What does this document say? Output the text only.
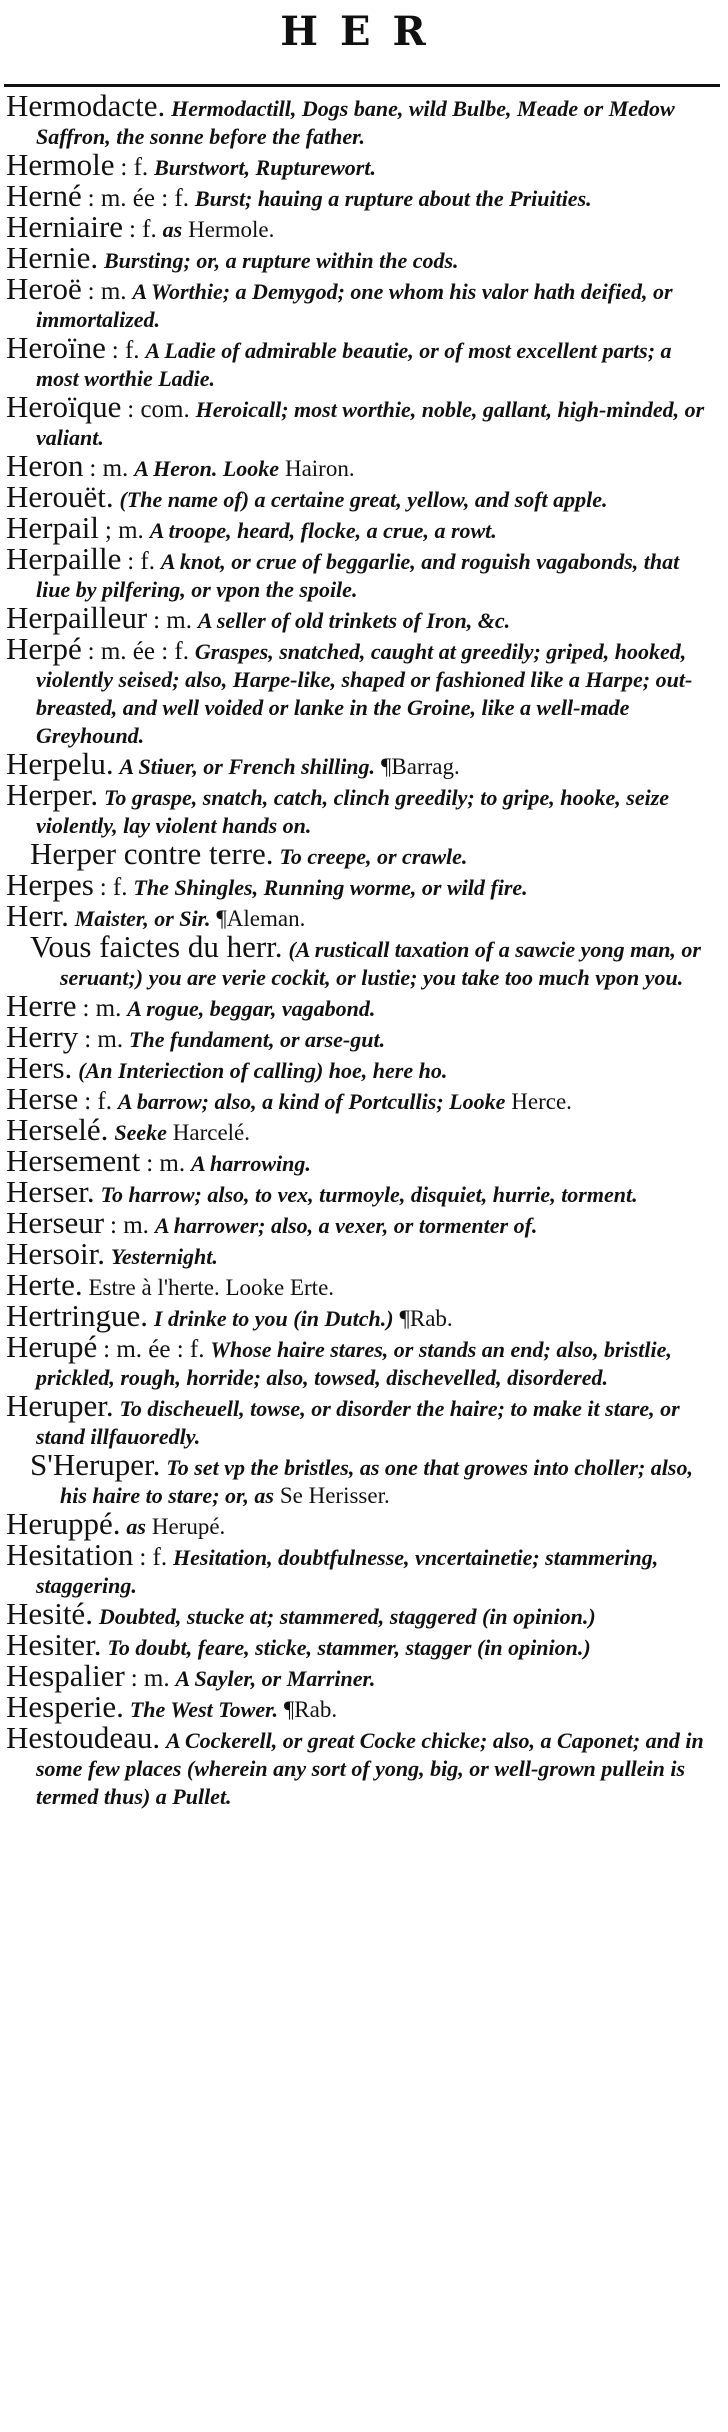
HER

Hermodacte. Hermodactill, Dogs bane, wild Bulbe, Meade or Medow Saffron, the sonne before the father.

Hermole : f. Burstwort, Rupturewort.

Herné : m. ée : f. Burst; hauing a rupture about the Priuities.

Herniaire : f. as Hermole.

Hernie. Bursting; or, a rupture within the cods.

Heroë : m. A Worthie; a Demygod; one whom his valor hath deified, or immortalized.

Heroïne : f. A Ladie of admirable beautie, or of most excellent parts; a most worthie Ladie.

Heroïque : com. Heroicall; most worthie, noble, gallant, high-minded, or valiant.

Heron : m. A Heron. Looke Hairon.

Herouët. (The name of) a certaine great, yellow, and soft apple.

Herpail ; m. A troope, heard, flocke, a crue, a rowt.

Herpaille : f. A knot, or crue of beggarlie, and roguish vagabonds, that liue by pilfering, or vpon the spoile.

Herpailleur : m. A seller of old trinkets of Iron, &c.

Herpé : m. ée : f. Graspes, snatched, caught at greedily; griped, hooked, violently seised; also, Harpe-like, shaped or fashioned like a Harpe; out-breasted, and well voided or lanke in the Groine, like a well-made Greyhound.

Herpelu. A Stiuer, or French shilling. ¶Barrag.

Herper. To graspe, snatch, catch, clinch greedily; to gripe, hooke, seize violently, lay violent hands on.

Herper contre terre. To creepe, or crawle.

Herpes : f. The Shingles, Running worme, or wild fire.

Herr. Maister, or Sir. ¶Aleman.

Vous faictes du herr. (A rusticall taxation of a sawcie yong man, or seruant;) you are verie cockit, or lustie; you take too much vpon you.

Herre : m. A rogue, beggar, vagabond.

Herry : m. The fundament, or arse-gut.

Hers. (An Interiection of calling) hoe, here ho.

Herse : f. A barrow; also, a kind of Portcullis; Looke Herce.

Herselé. Seeke Harcelé.

Hersement : m. A harrowing.

Herser. To harrow; also, to vex, turmoyle, disquiet, hurrie, torment.

Herseur : m. A harrower; also, a vexer, or tormenter of.

Hersoir. Yesternight.

Herte. Estre à l'herte. Looke Erte.

Hertringue. I drinke to you (in Dutch.) ¶Rab.

Herupé : m. ée : f. Whose haire stares, or stands an end; also, bristlie, prickled, rough, horride; also, towsed, dischevelled, disordered.

Heruper. To discheuell, towse, or disorder the haire; to make it stare, or stand illfauoredly.

S'Heruper. To set vp the bristles, as one that growes into choller; also, his haire to stare; or, as Se Herisser.

Heruppé. as Herupé.

Hesitation : f. Hesitation, doubtfulnesse, vncertainetie; stammering, staggering.

Hesité. Doubted, stucke at; stammered, staggered (in opinion.)

Hesiter. To doubt, feare, sticke, stammer, stagger (in opinion.)

Hespalier : m. A Sayler, or Marriner.

Hesperie. The West Tower. ¶Rab.

Hestoudeau. A Cockerell, or great Cocke chicke; also, a Caponet; and in some few places (wherein any sort of yong, big, or well-grown pullein is termed thus) a Pullet.
